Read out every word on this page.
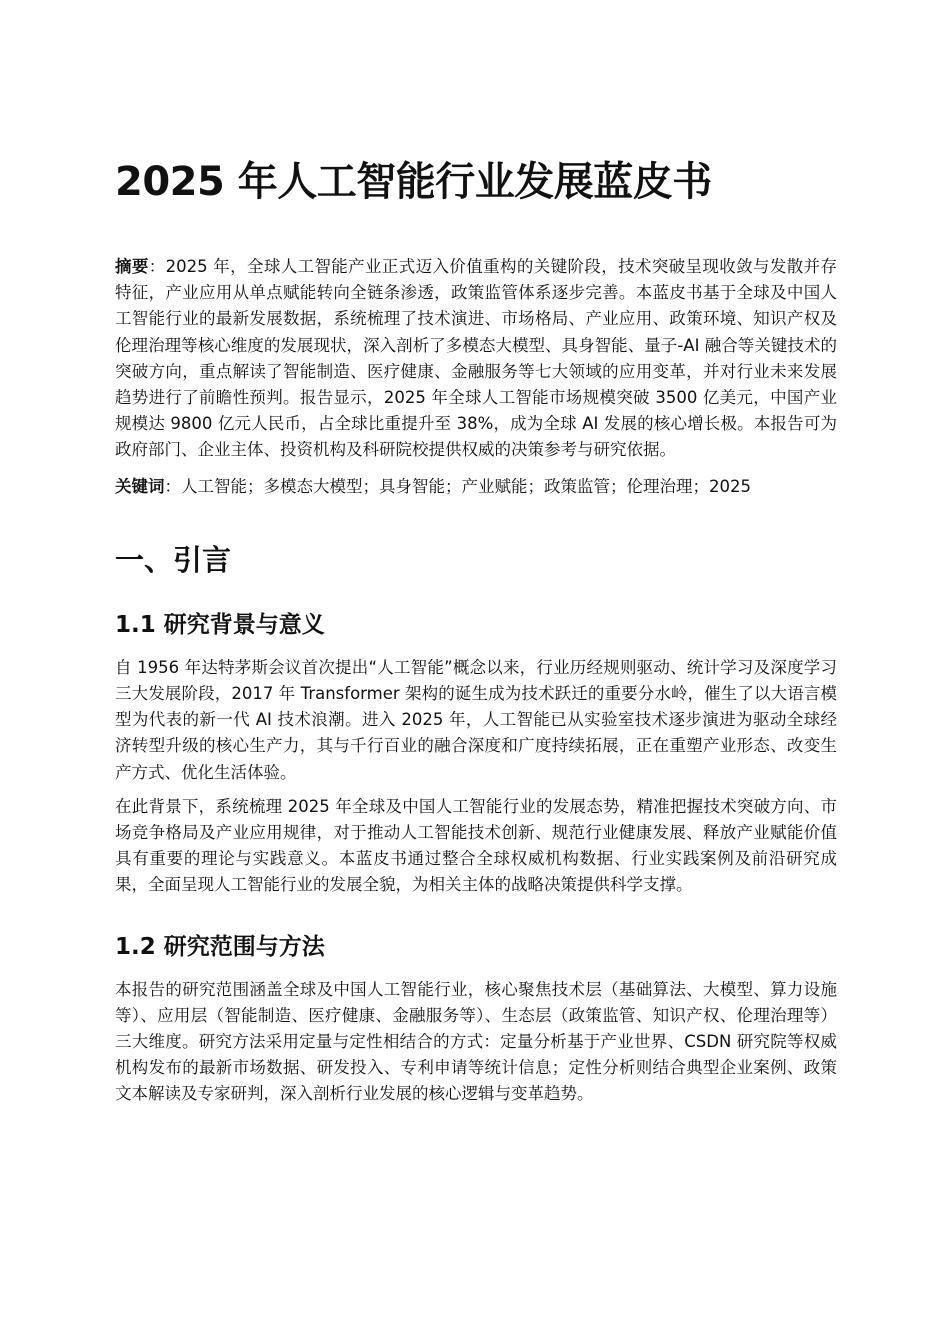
2025 年人工智能行业发展蓝皮书

摘要：2025 年，全球人工智能产业正式迈入价值重构的关键阶段，技术突破呈现收敛与发散并存特征，产业应用从单点赋能转向全链条渗透，政策监管体系逐步完善。本蓝皮书基于全球及中国人工智能行业的最新发展数据，系统梳理了技术演进、市场格局、产业应用、政策环境、知识产权及伦理治理等核心维度的发展现状，深入剖析了多模态大模型、具身智能、量子-AI 融合等关键技术的突破方向，重点解读了智能制造、医疗健康、金融服务等七大领域的应用变革，并对行业未来发展趋势进行了前瞻性预判。报告显示，2025 年全球人工智能市场规模突破 3500 亿美元，中国产业规模达 9800 亿元人民币，占全球比重提升至 38%，成为全球 AI 发展的核心增长极。本报告可为政府部门、企业主体、投资机构及科研院校提供权威的决策参考与研究依据。

关键词：人工智能；多模态大模型；具身智能；产业赋能；政策监管；伦理治理；2025

一、引言
1.1 研究背景与意义

自 1956 年达特茅斯会议首次提出“人工智能”概念以来，行业历经规则驱动、统计学习及深度学习三大发展阶段，2017 年 Transformer 架构的诞生成为技术跃迁的重要分水岭，催生了以大语言模型为代表的新一代 AI 技术浪潮。进入 2025 年，人工智能已从实验室技术逐步演进为驱动全球经济转型升级的核心生产力，其与千行百业的融合深度和广度持续拓展，正在重塑产业形态、改变生产方式、优化生活体验。

在此背景下，系统梳理 2025 年全球及中国人工智能行业的发展态势，精准把握技术突破方向、市场竞争格局及产业应用规律，对于推动人工智能技术创新、规范行业健康发展、释放产业赋能价值具有重要的理论与实践意义。本蓝皮书通过整合全球权威机构数据、行业实践案例及前沿研究成果，全面呈现人工智能行业的发展全貌，为相关主体的战略决策提供科学支撑。

1.2 研究范围与方法

本报告的研究范围涵盖全球及中国人工智能行业，核心聚焦技术层（基础算法、大模型、算力设施等）、应用层（智能制造、医疗健康、金融服务等）、生态层（政策监管、知识产权、伦理治理等）三大维度。研究方法采用定量与定性相结合的方式：定量分析基于产业世界、CSDN 研究院等权威机构发布的最新市场数据、研发投入、专利申请等统计信息；定性分析则结合典型企业案例、政策文本解读及专家研判，深入剖析行业发展的核心逻辑与变革趋势。
